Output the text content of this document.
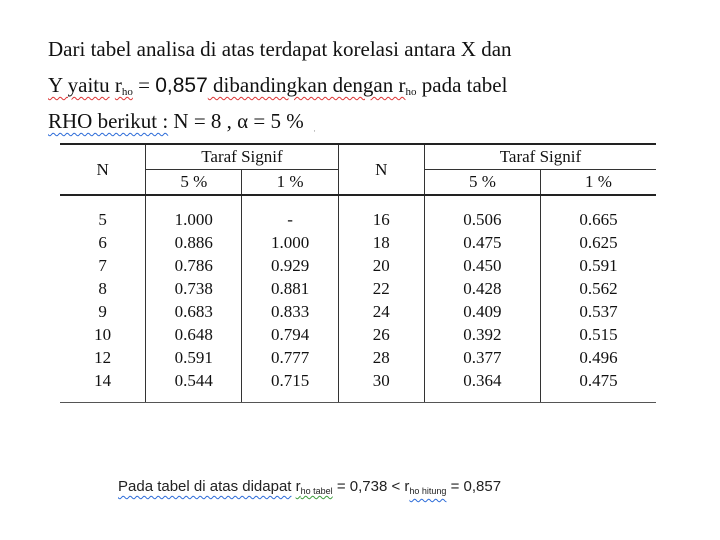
Dari tabel analisa di atas terdapat korelasi antara X dan
Y yaitu $r_{ho} = 0,857$ dibandingkan dengan $r_{ho}$ pada tabel
RHO berikut : N = 8 , α = 5 % ·
N	Taraf Signif		N	Taraf Signif	
	5 %	1 %		5 %	1 %

5	1.000	-	16	0.506	0.665
6	0.886	1.000	18	0.475	0.625
7	0.786	0.929	20	0.450	0.591
8	0.738	0.881	22	0.428	0.562
9	0.683	0.833	24	0.409	0.537
10	0.648	0.794	26	0.392	0.515
12	0.591	0.777	28	0.377	0.496
14	0.544	0.715	30	0.364	0.475

Pada tabel di atas didapat $r_{ho tabel} = 0,738 < r_{ho hitung} = 0,857$
